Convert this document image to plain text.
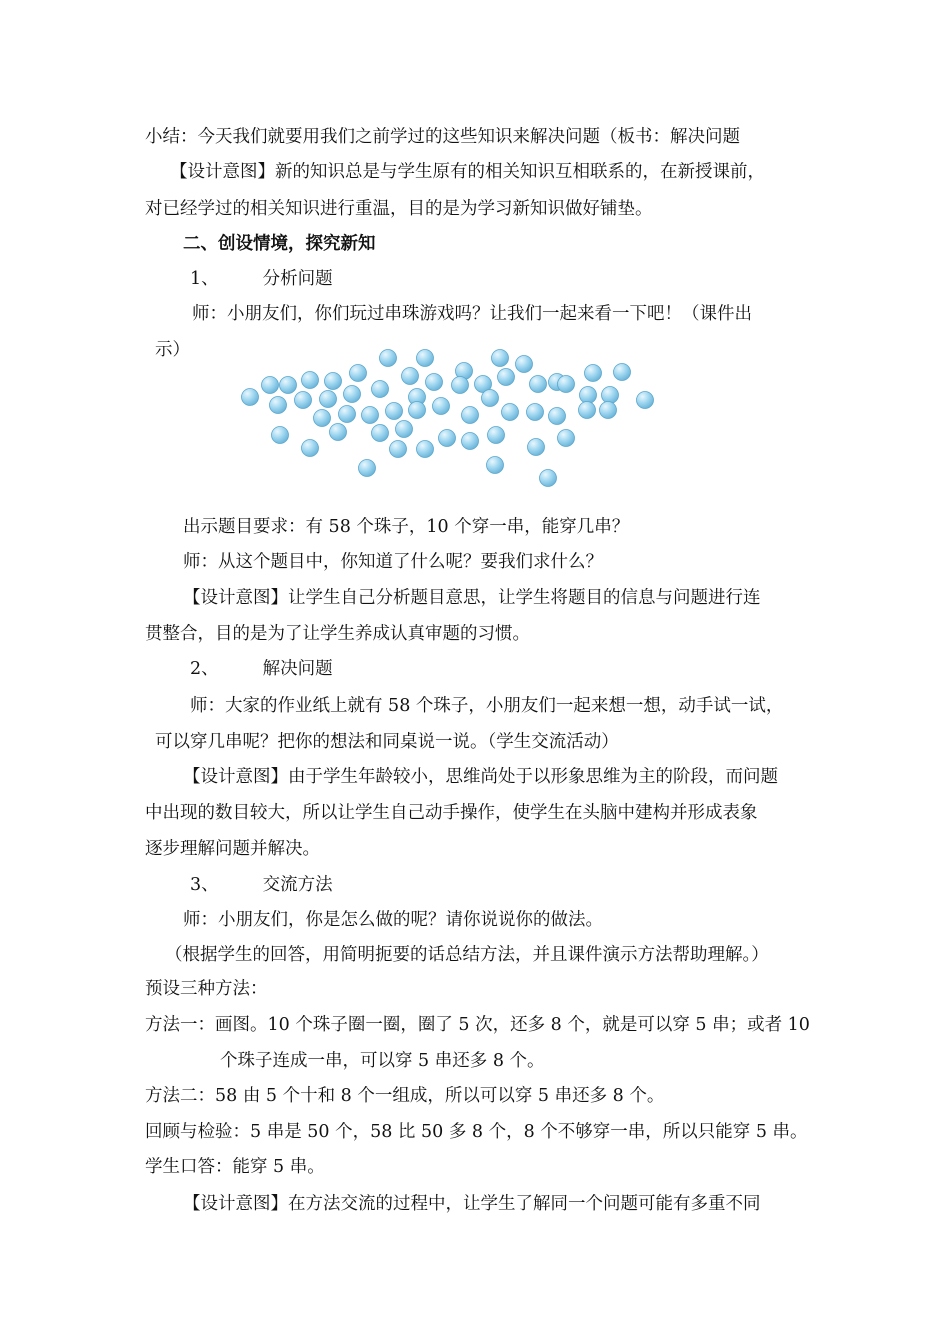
小结：今天我们就要用我们之前学过的这些知识来解决问题（板书：解决问题
【设计意图】新的知识总是与学生原有的相关知识互相联系的，在新授课前，
对已经学过的相关知识进行重温，目的是为学习新知识做好铺垫。
二、创设情境，探究新知
1、	分析问题
师：小朋友们，你们玩过串珠游戏吗？让我们一起来看一下吧！（课件出
示）
出示题目要求：有 58 个珠子，10 个穿一串，能穿几串？
师：从这个题目中，你知道了什么呢？要我们求什么？
【设计意图】让学生自己分析题目意思，让学生将题目的信息与问题进行连
贯整合，目的是为了让学生养成认真审题的习惯。
2、	解决问题
师：大家的作业纸上就有 58 个珠子，小朋友们一起来想一想，动手试一试，
可以穿几串呢？把你的想法和同桌说一说。（学生交流活动）
【设计意图】由于学生年龄较小，思维尚处于以形象思维为主的阶段，而问题
中出现的数目较大，所以让学生自己动手操作，使学生在头脑中建构并形成表象
逐步理解问题并解决。
3、	交流方法
师：小朋友们，你是怎么做的呢？请你说说你的做法。
（根据学生的回答，用简明扼要的话总结方法，并且课件演示方法帮助理解。）
预设三种方法：
方法一：画图。10 个珠子圈一圈，圈了 5 次，还多 8 个，就是可以穿 5 串；或者 10
个珠子连成一串，可以穿 5 串还多 8 个。
方法二：58 由 5 个十和 8 个一组成，所以可以穿 5 串还多 8 个。
回顾与检验：5 串是 50 个，58 比 50 多 8 个，8 个不够穿一串，所以只能穿 5 串。
学生口答：能穿 5 串。
【设计意图】在方法交流的过程中，让学生了解同一个问题可能有多重不同
